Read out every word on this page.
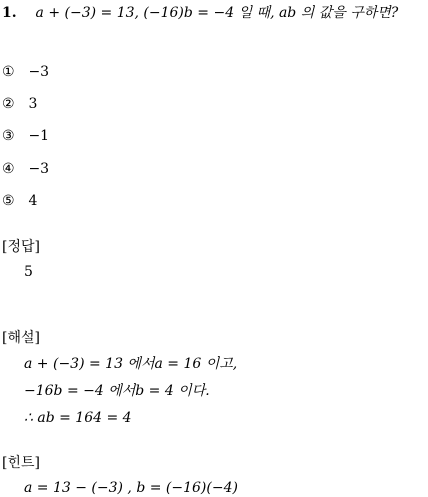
1. a + (−3) = 13, (−16)b = −4 일 때, ab 의 값을 구하면?
① −3
② 3
③ −1
④ −3
⑤ 4
[정답]
5
[해설]
a + (−3) = 13 에서a = 16 이고,
−16b = −4 에서b = 4 이다.
∴ ab = 164 = 4
[힌트]
a = 13 − (−3) , b = (−16)(−4)
